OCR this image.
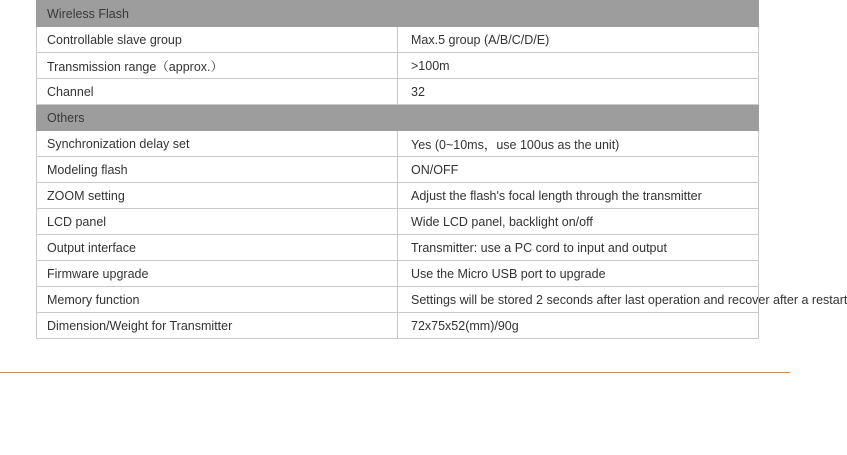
Wireless Flash	
Controllable slave group	Max.5 group (A/B/C/D/E)
Transmission range（approx.）	>100m
Channel	32
Others	
Synchronization delay set	Yes (0~10ms，use 100us as the unit)
Modeling flash	ON/OFF
ZOOM setting	Adjust the flash's focal length through the transmitter
LCD panel	Wide LCD panel, backlight on/off
Output interface	Transmitter: use a PC cord to input and output
Firmware upgrade	Use the Micro USB port to upgrade
Memory function	Settings will be stored 2 seconds after last operation and recover after a restart
Dimension/Weight for Transmitter	72x75x52(mm)/90g
